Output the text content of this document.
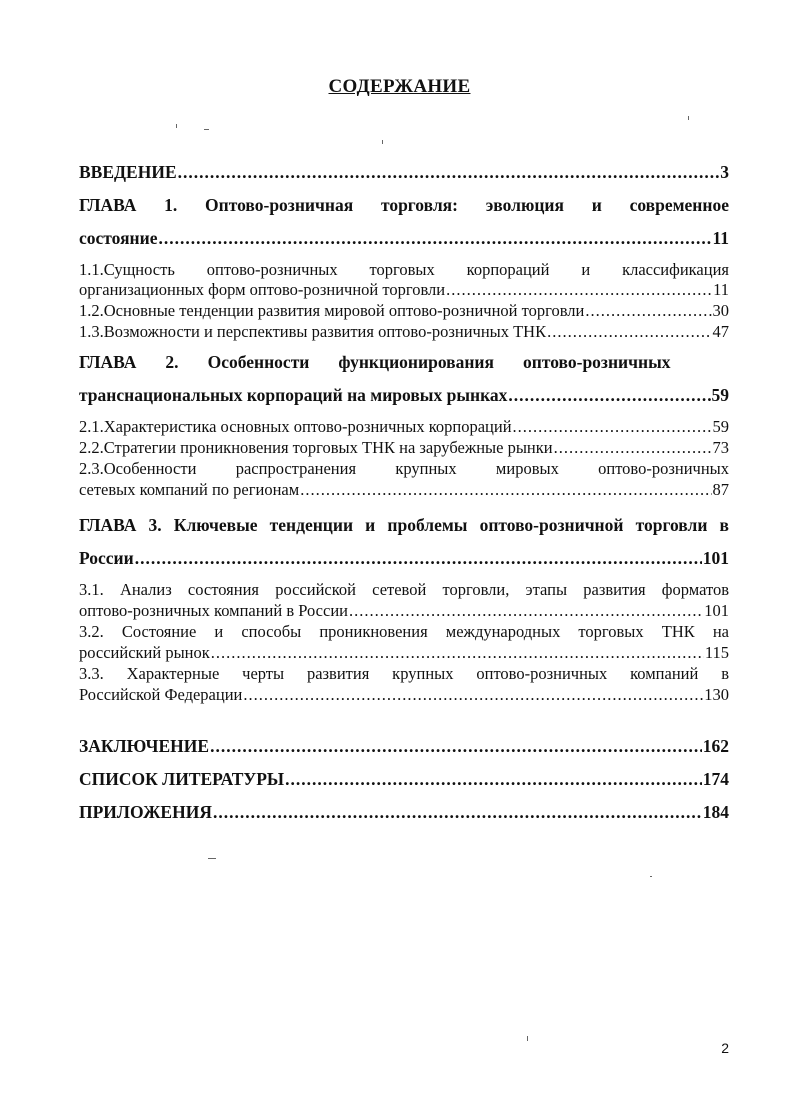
СОДЕРЖАНИЕ
ВВЕДЕНИЕ .....	3
ГЛАВА 1. Оптово-розничная торговля: эволюция и современное
состояние .....	11
1.1.Сущность оптово-розничных торговых корпораций и классификация
организационных форм оптово-розничной торговли .....	11
1.2.Основные тенденции развития мировой оптово-розничной торговли .....	30
1.3.Возможности и перспективы развития оптово-розничных ТНК .....	47
ГЛАВА 2. Особенности функционирования оптово-розничных
транснациональных корпораций на мировых рынках .....	59
2.1.Характеристика основных оптово-розничных корпораций .....	59
2.2.Стратегии проникновения торговых ТНК на зарубежные рынки .....	73
2.3.Особенности распространения крупных мировых оптово-розничных
сетевых компаний по регионам .....	87
ГЛАВА 3. Ключевые тенденции и проблемы оптово-розничной торговли в
России .....	101
3.1. Анализ состояния российской сетевой торговли, этапы развития форматов
оптово-розничных компаний в России .....	101
3.2. Состояние и способы проникновения международных торговых ТНК на
российский рынок .....	115
3.3. Характерные черты развития крупных оптово-розничных компаний в
Российской Федерации .....	130
ЗАКЛЮЧЕНИЕ .....	162
СПИСОК ЛИТЕРАТУРЫ .....	174
ПРИЛОЖЕНИЯ .....	184
2
